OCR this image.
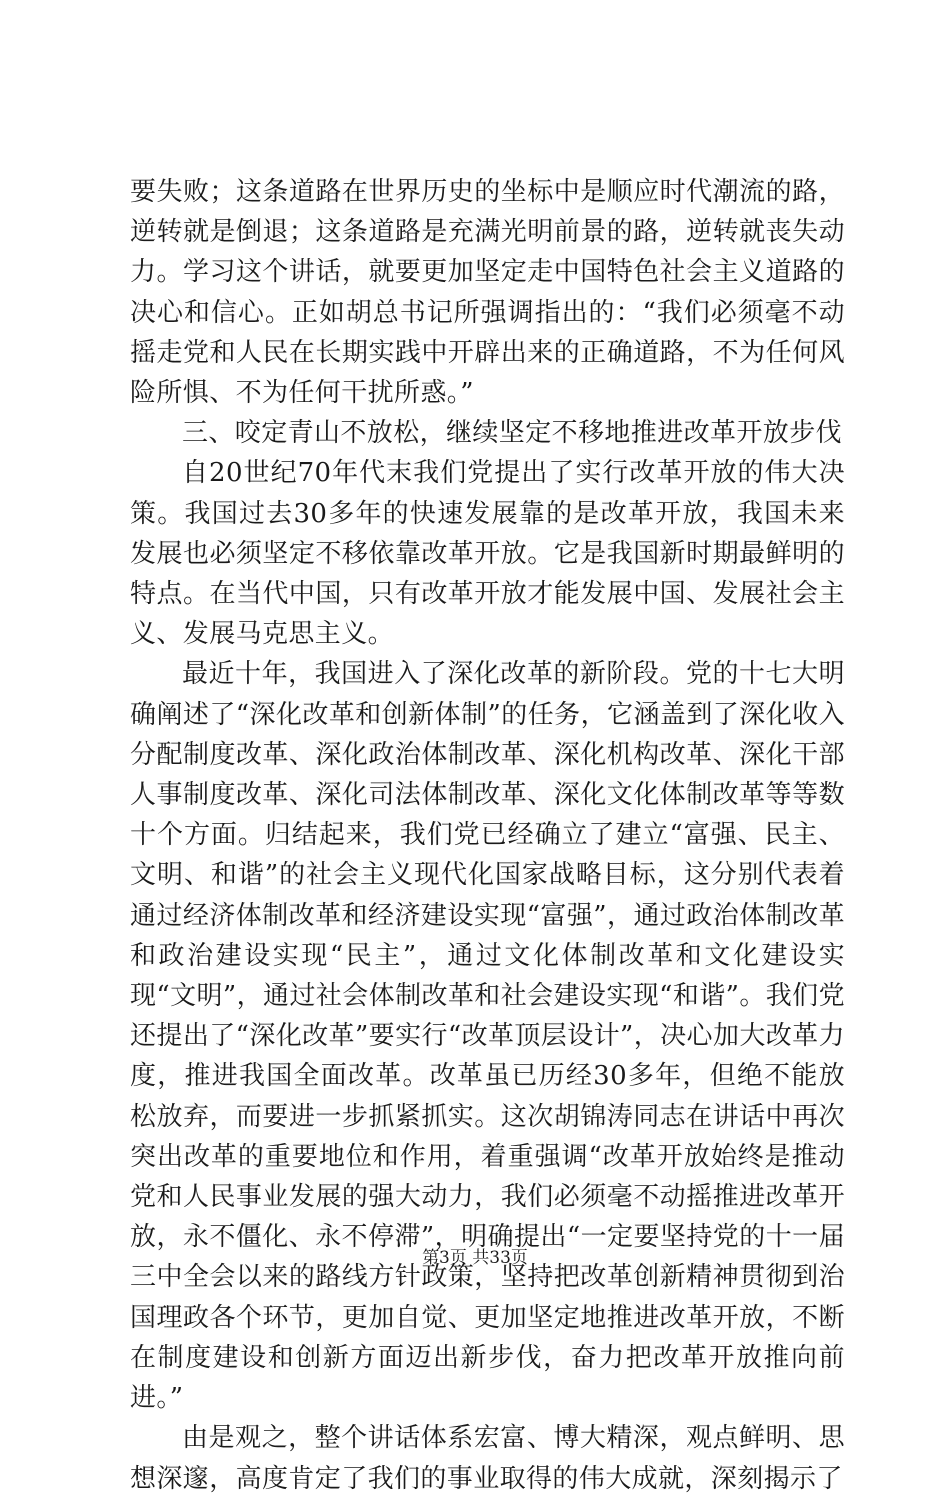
要失败；这条道路在世界历史的坐标中是顺应时代潮流的路，逆转就是倒退；这条道路是充满光明前景的路，逆转就丧失动力。学习这个讲话，就要更加坚定走中国特色社会主义道路的决心和信心。正如胡总书记所强调指出的：“我们必须毫不动摇走党和人民在长期实践中开辟出来的正确道路，不为任何风险所惧、不为任何干扰所惑。”

三、咬定青山不放松，继续坚定不移地推进改革开放步伐

自20世纪70年代末我们党提出了实行改革开放的伟大决策。我国过去30多年的快速发展靠的是改革开放，我国未来发展也必须坚定不移依靠改革开放。它是我国新时期最鲜明的特点。在当代中国，只有改革开放才能发展中国、发展社会主义、发展马克思主义。

最近十年，我国进入了深化改革的新阶段。党的十七大明确阐述了“深化改革和创新体制”的任务，它涵盖到了深化收入分配制度改革、深化政治体制改革、深化机构改革、深化干部人事制度改革、深化司法体制改革、深化文化体制改革等等数十个方面。归结起来，我们党已经确立了建立“富强、民主、文明、和谐”的社会主义现代化国家战略目标，这分别代表着通过经济体制改革和经济建设实现“富强”，通过政治体制改革和政治建设实现“民主”，通过文化体制改革和文化建设实现“文明”，通过社会体制改革和社会建设实现“和谐”。我们党还提出了“深化改革”要实行“改革顶层设计”，决心加大改革力度，推进我国全面改革。改革虽已历经30多年，但绝不能放松放弃，而要进一步抓紧抓实。这次胡锦涛同志在讲话中再次突出改革的重要地位和作用，着重强调“改革开放始终是推动党和人民事业发展的强大动力，我们必须毫不动摇推进改革开放，永不僵化、永不停滞”，明确提出“一定要坚持党的十一届三中全会以来的路线方针政策，坚持把改革创新精神贯彻到治国理政各个环节，更加自觉、更加坚定地推进改革开放，不断在制度建设和创新方面迈出新步伐，奋力把改革开放推向前进。”

由是观之，整个讲话体系宏富、博大精深，观点鲜明、思想深邃，高度肯定了我们的事业取得的伟大成就，深刻揭示了

第3页 共33页
